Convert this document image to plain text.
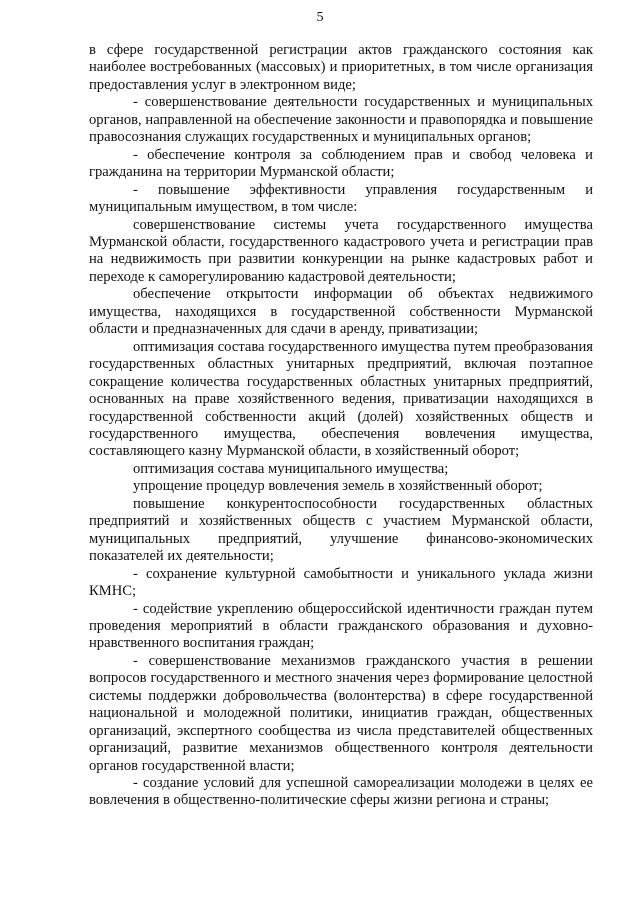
5

в сфере государственной регистрации актов гражданского состояния как наиболее востребованных (массовых) и приоритетных, в том числе организация предоставления услуг в электронном виде;

- совершенствование деятельности государственных и муниципальных органов, направленной на обеспечение законности и правопорядка и повышение правосознания служащих государственных и муниципальных органов;

- обеспечение контроля за соблюдением прав и свобод человека и гражданина на территории Мурманской области;

- повышение эффективности управления государственным и муниципальным имуществом, в том числе:

совершенствование системы учета государственного имущества Мурманской области, государственного кадастрового учета и регистрации прав на недвижимость при развитии конкуренции на рынке кадастровых работ и переходе к саморегулированию кадастровой деятельности;

обеспечение открытости информации об объектах недвижимого имущества, находящихся в государственной собственности Мурманской области и предназначенных для сдачи в аренду, приватизации;

оптимизация состава государственного имущества путем преобразования государственных областных унитарных предприятий, включая поэтапное сокращение количества государственных областных унитарных предприятий, основанных на праве хозяйственного ведения, приватизации находящихся в государственной собственности акций (долей) хозяйственных обществ и государственного имущества, обеспечения вовлечения имущества, составляющего казну Мурманской области, в хозяйственный оборот;

оптимизация состава муниципального имущества;

упрощение процедур вовлечения земель в хозяйственный оборот;

повышение конкурентоспособности государственных областных предприятий и хозяйственных обществ с участием Мурманской области, муниципальных предприятий, улучшение финансово-экономических показателей их деятельности;

- сохранение культурной самобытности и уникального уклада жизни КМНС;

- содействие укреплению общероссийской идентичности граждан путем проведения мероприятий в области гражданского образования и духовно-нравственного воспитания граждан;

- совершенствование механизмов гражданского участия в решении вопросов государственного и местного значения через формирование целостной системы поддержки добровольчества (волонтерства) в сфере государственной национальной и молодежной политики, инициатив граждан, общественных организаций, экспертного сообщества из числа представителей общественных организаций, развитие механизмов общественного контроля деятельности органов государственной власти;

- создание условий для успешной самореализации молодежи в целях ее вовлечения в общественно-политические сферы жизни региона и страны;
